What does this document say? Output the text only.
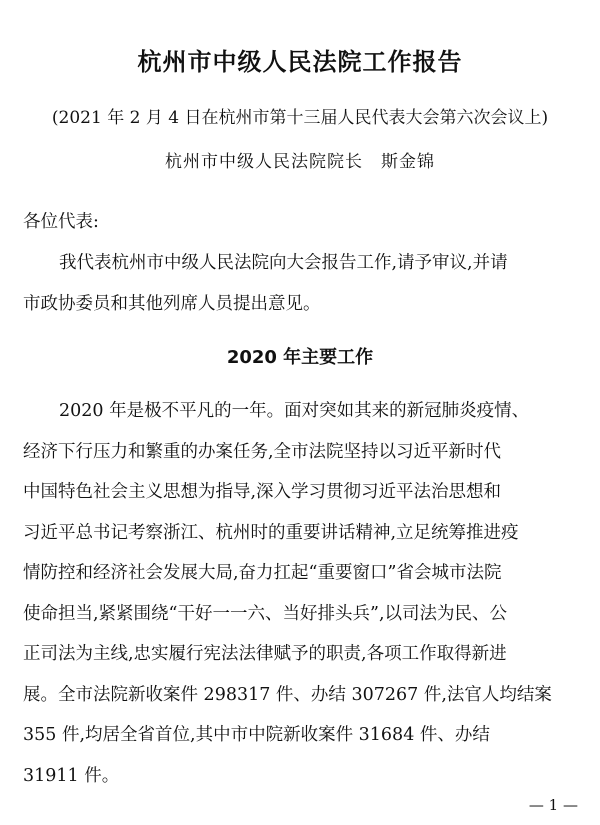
杭州市中级人民法院工作报告
(2021 年 2 月 4 日在杭州市第十三届人民代表大会第六次会议上)
杭州市中级人民法院院长 斯金锦

各位代表:

我代表杭州市中级人民法院向大会报告工作,请予审议,并请
市政协委员和其他列席人员提出意见。

2020 年主要工作

2020 年是极不平凡的一年。面对突如其来的新冠肺炎疫情、
经济下行压力和繁重的办案任务,全市法院坚持以习近平新时代
中国特色社会主义思想为指导,深入学习贯彻习近平法治思想和
习近平总书记考察浙江、杭州时的重要讲话精神,立足统筹推进疫
情防控和经济社会发展大局,奋力扛起“重要窗口”省会城市法院
使命担当,紧紧围绕“干好一一六、当好排头兵”,以司法为民、公
正司法为主线,忠实履行宪法法律赋予的职责,各项工作取得新进
展。全市法院新收案件 298317 件、办结 307267 件,法官人均结案
355 件,均居全省首位,其中市中院新收案件 31684 件、办结
31911 件。

— 1 —
